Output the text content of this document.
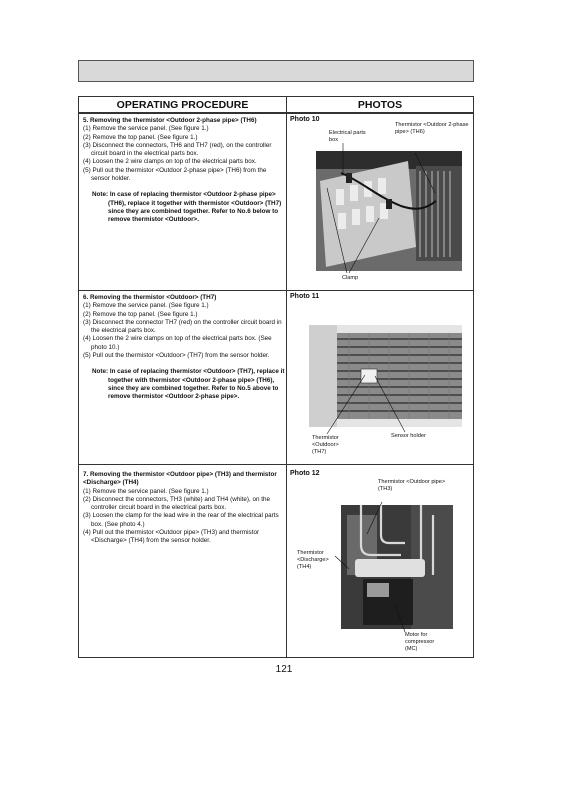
OPERATING PROCEDURE	PHOTOS
5. Removing the thermistor <Outdoor 2-phase pipe> (TH6)
(1) Remove the service panel. (See figure 1.)
(2) Remove the top panel. (See figure 1.)
(3) Disconnect the connectors, TH6 and TH7 (red), on the controller circuit board in the electrical parts box.
(4) Loosen the 2 wire clamps on top of the electrical parts box.
(5) Pull out the thermistor <Outdoor 2-phase pipe> (TH6) from the sensor holder.
Note: In case of replacing thermistor <Outdoor 2-phase pipe> (TH6), replace it together with thermistor <Outdoor> (TH7) since they are combined together. Refer to No.6 below to remove thermistor <Outdoor>.
Photo 10
6. Removing the thermistor <Outdoor> (TH7)
(1) Remove the service panel. (See figure 1.)
(2) Remove the top panel. (See figure 1.)
(3) Disconnect the connector TH7 (red) on the controller circuit board in the electrical parts box.
(4) Loosen the 2 wire clamps on top of the electrical parts box. (See photo 10.)
(5) Pull out the thermistor <Outdoor> (TH7) from the sensor holder.
Note: In case of replacing thermistor <Outdoor> (TH7), replace it together with thermistor <Outdoor 2-phase pipe> (TH6), since they are combined together. Refer to No.5 above to remove thermistor <Outdoor 2-phase pipe>.
Photo 11
7. Removing the thermistor <Outdoor pipe> (TH3) and thermistor <Discharge> (TH4)
(1) Remove the service panel. (See figure 1.)
(2) Disconnect the connectors, TH3 (white) and TH4 (white), on the controller circuit board in the electrical parts box.
(3) Loosen the clamp for the lead wire in the rear of the electrical parts box. (See photo 4.)
(4) Pull out the thermistor <Outdoor pipe> (TH3) and thermistor <Discharge> (TH4) from the sensor holder.
Photo 12
Electrical parts box
Thermistor <Outdoor 2-phase pipe> (TH6)
Clamp
Thermistor <Outdoor> (TH7)
Sensor holder
Thermistor <Outdoor pipe> (TH3)
Thermistor <Discharge> (TH4)
Motor for compressor (MC)
121
